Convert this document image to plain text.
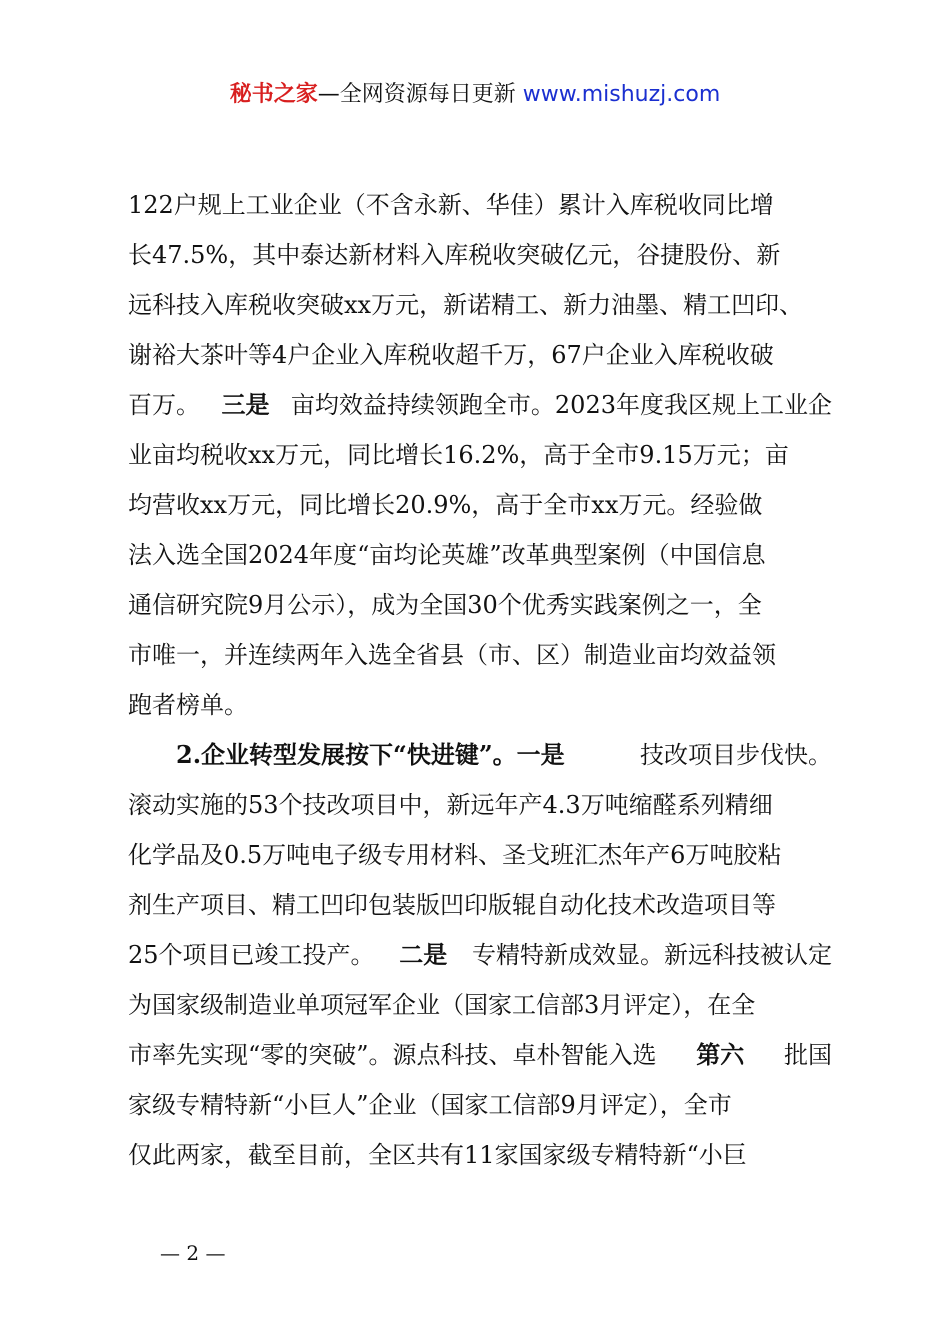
秘书之家—全网资源每日更新 www.mishuzj.com
122户规上工业企业（不含永新、华佳）累计入库税收同比增
长47.5%，其中泰达新材料入库税收突破亿元，谷捷股份、新
远科技入库税收突破xx万元，新诺精工、新力油墨、精工凹印、
谢裕大茶叶等4户企业入库税收超千万，67户企业入库税收破
百万。 三是 亩均效益持续领跑全市。2023年度我区规上工业企
业亩均税收xx万元，同比增长16.2%，高于全市9.15万元；亩
均营收xx万元，同比增长20.9%，高于全市xx万元。经验做
法入选全国2024年度“亩均论英雄”改革典型案例（中国信息
通信研究院9月公示），成为全国30个优秀实践案例之一，全
市唯一，并连续两年入选全省县（市、区）制造业亩均效益领
跑者榜单。
2.企业转型发展按下“快进键”。一是	技改项目步伐快。
滚动实施的53个技改项目中，新远年产4.3万吨缩醛系列精细
化学品及0.5万吨电子级专用材料、圣戈班汇杰年产6万吨胶粘
剂生产项目、精工凹印包装版凹印版辊自动化技术改造项目等
25个项目已竣工投产。 二是 专精特新成效显。新远科技被认定
为国家级制造业单项冠军企业（国家工信部3月评定），在全
市率先实现“零的突破”。源点科技、卓朴智能入选 第六 批国
家级专精特新“小巨人”企业（国家工信部9月评定），全市
仅此两家，截至目前，全区共有11家国家级专精特新“小巨
— 2 —
